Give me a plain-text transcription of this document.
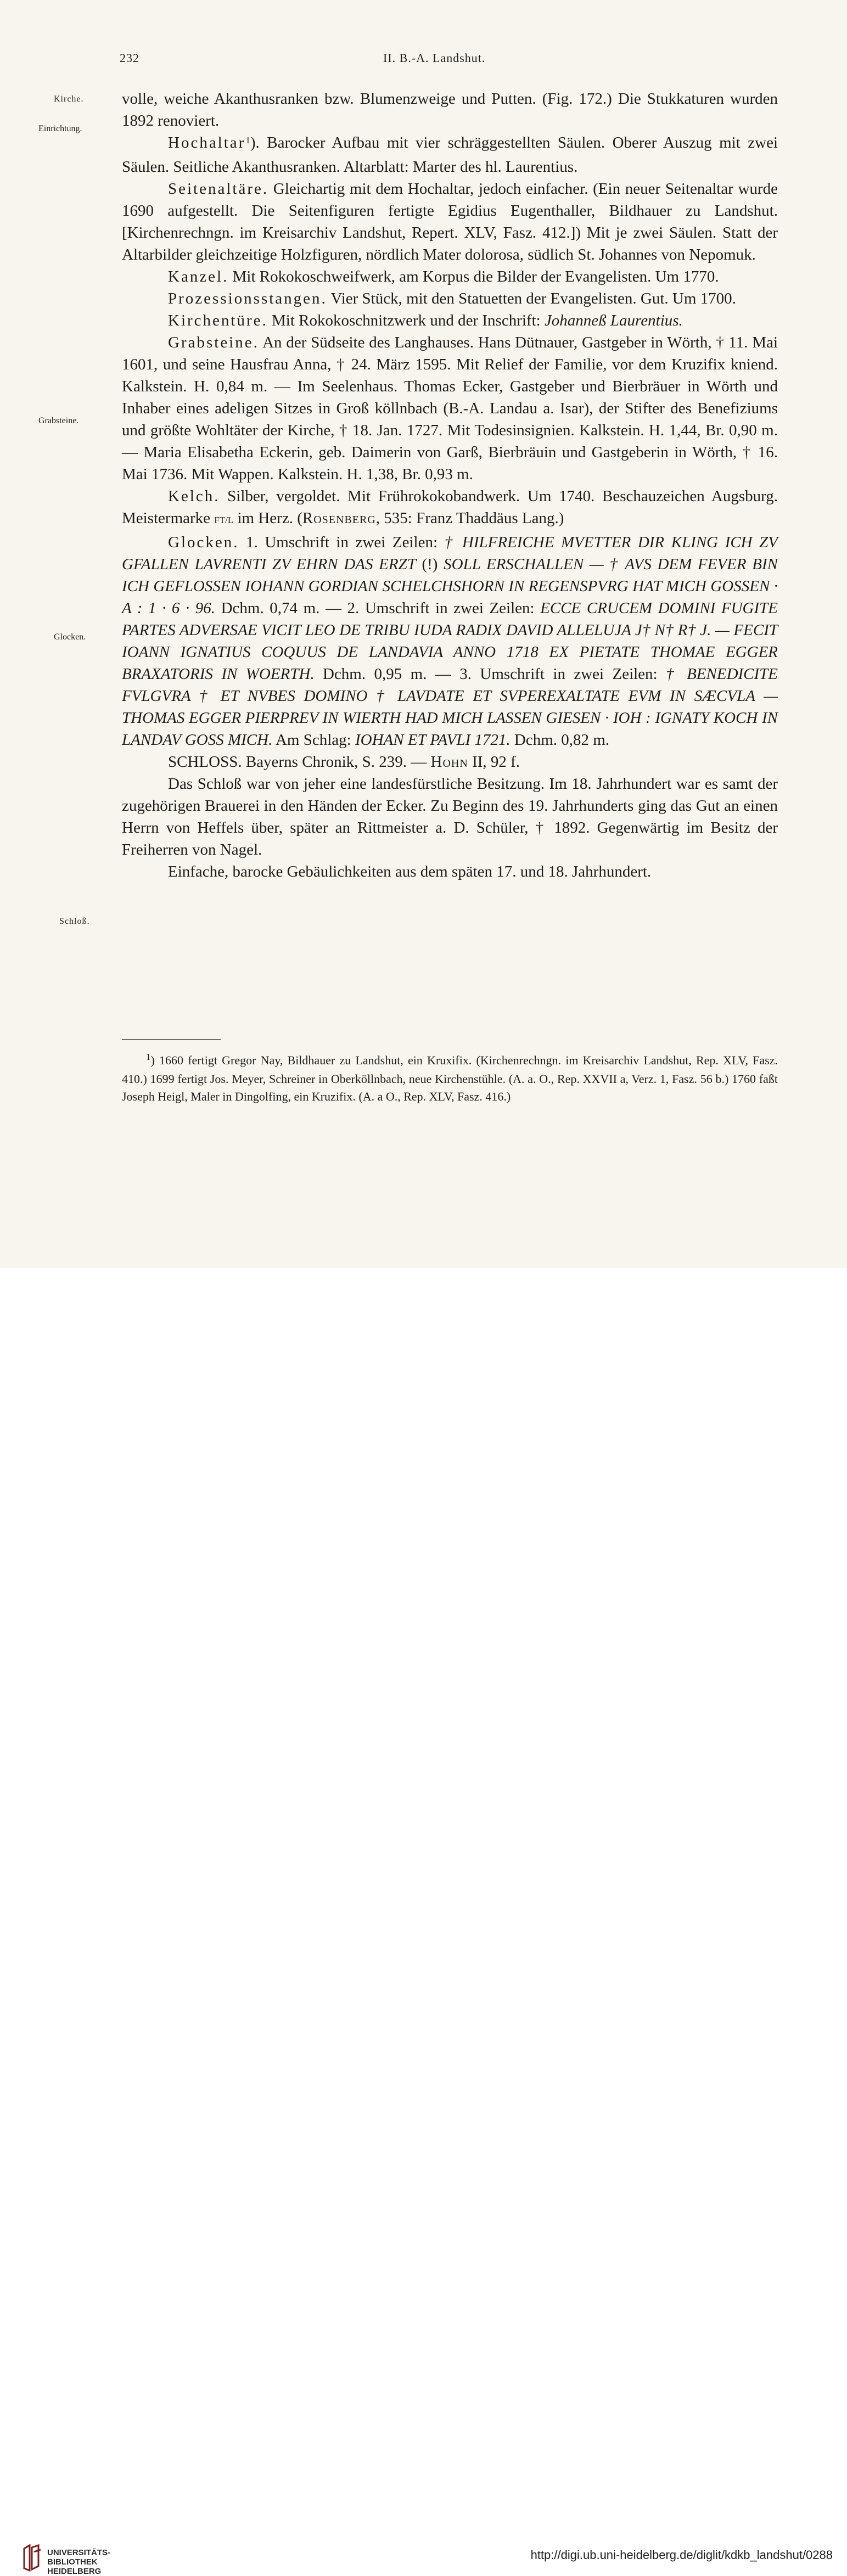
232	II. B.-A. Landshut.
Kirche.
Einrichtung.
Grabsteine.
Glocken.
Schloß.

volle, weiche Akanthusranken bzw. Blumenzweige und Putten. (Fig. 172.) Die Stukkaturen wurden 1892 renoviert.

Hochaltar$^1$). Barocker Aufbau mit vier schräggestellten Säulen. Oberer Auszug mit zwei Säulen. Seitliche Akanthusranken. Altarblatt: Marter des hl. Laurentius.

Seitenaltäre. Gleichartig mit dem Hochaltar, jedoch einfacher. (Ein neuer Seitenaltar wurde 1690 aufgestellt. Die Seitenfiguren fertigte Egidius Eugenthaller, Bildhauer zu Landshut. [Kirchenrechngn. im Kreisarchiv Landshut, Repert. XLV, Fasz. 412.]) Mit je zwei Säulen. Statt der Altarbilder gleichzeitige Holzfiguren, nördlich Mater dolorosa, südlich St. Johannes von Nepomuk.

Kanzel. Mit Rokokoschweifwerk, am Korpus die Bilder der Evangelisten. Um 1770.

Prozessionsstangen. Vier Stück, mit den Statuetten der Evangelisten. Gut. Um 1700.

Kirchentüre. Mit Rokokoschnitzwerk und der Inschrift: Johanneß Laurentius.

Grabsteine. An der Südseite des Langhauses. Hans Dütnauer, Gastgeber in Wörth, † 11. Mai 1601, und seine Hausfrau Anna, † 24. März 1595. Mit Relief der Familie, vor dem Kruzifix kniend. Kalkstein. H. 0,84 m. — Im Seelenhaus. Thomas Ecker, Gastgeber und Bierbräuer in Wörth und Inhaber eines adeligen Sitzes in Groß köllnbach (B.-A. Landau a. Isar), der Stifter des Benefiziums und größte Wohltäter der Kirche, † 18. Jan. 1727. Mit Todesinsignien. Kalkstein. H. 1,44, Br. 0,90 m. — Maria Elisabetha Eckerin, geb. Daimerin von Garß, Bierbräuin und Gastgeberin in Wörth, † 16. Mai 1736. Mit Wappen. Kalkstein. H. 1,38, Br. 0,93 m.

Kelch. Silber, vergoldet. Mit Frührokokobandwerk. Um 1740. Beschauzeichen Augsburg. Meistermarke FT/L im Herz. (Rosenberg, 535: Franz Thaddäus Lang.)

Glocken. 1. Umschrift in zwei Zeilen: † HILFREICHE MVETTER DIR KLING ICH ZV GFALLEN LAVRENTI ZV EHRN DAS ERZT (!) SOLL ERSCHALLEN — † AVS DEM FEVER BIN ICH GEFLOSSEN IOHANN GORDIAN SCHELCHSHORN IN REGENSPVRG HAT MICH GOSSEN · A : 1 · 6 · 96. Dchm. 0,74 m. — 2. Umschrift in zwei Zeilen: ECCE CRUCEM DOMINI FUGITE PARTES ADVERSAE VICIT LEO DE TRIBU IUDA RADIX DAVID ALLELUJA J† N† R† J. — FECIT IOANN IGNATIUS COQUUS DE LANDAVIA ANNO 1718 EX PIETATE THOMAE EGGER BRAXATORIS IN WOERTH. Dchm. 0,95 m. — 3. Umschrift in zwei Zeilen: † BENEDICITE FVLGVRA † ET NVBES DOMINO † LAVDATE ET SVPEREXALTATE EVM IN SÆCVLA — THOMAS EGGER PIERPREV IN WIERTH HAD MICH LASSEN GIESEN · IOH : IGNATY KOCH IN LANDAV GOSS MICH. Am Schlag: IOHAN ET PAVLI 1721. Dchm. 0,82 m.

SCHLOSS. Bayerns Chronik, S. 239. — Hohn II, 92 f.

Das Schloß war von jeher eine landesfürstliche Besitzung. Im 18. Jahrhundert war es samt der zugehörigen Brauerei in den Händen der Ecker. Zu Beginn des 19. Jahrhunderts ging das Gut an einen Herrn von Heffels über, später an Rittmeister a. D. Schüler, † 1892. Gegenwärtig im Besitz der Freiherren von Nagel.

Einfache, barocke Gebäulichkeiten aus dem späten 17. und 18. Jahrhundert.

$^1$) 1660 fertigt Gregor Nay, Bildhauer zu Landshut, ein Kruxifix. (Kirchenrechngn. im Kreisarchiv Landshut, Rep. XLV, Fasz. 410.) 1699 fertigt Jos. Meyer, Schreiner in Oberköllnbach, neue Kirchenstühle. (A. a. O., Rep. XXVII a, Verz. 1, Fasz. 56 b.) 1760 faßt Joseph Heigl, Maler in Dingolfing, ein Kruzifix. (A. a O., Rep. XLV, Fasz. 416.)

UNIVERSITÄTS-
BIBLIOTHEK
HEIDELBERG
http://digi.ub.uni-heidelberg.de/diglit/kdkb_landshut/0288
